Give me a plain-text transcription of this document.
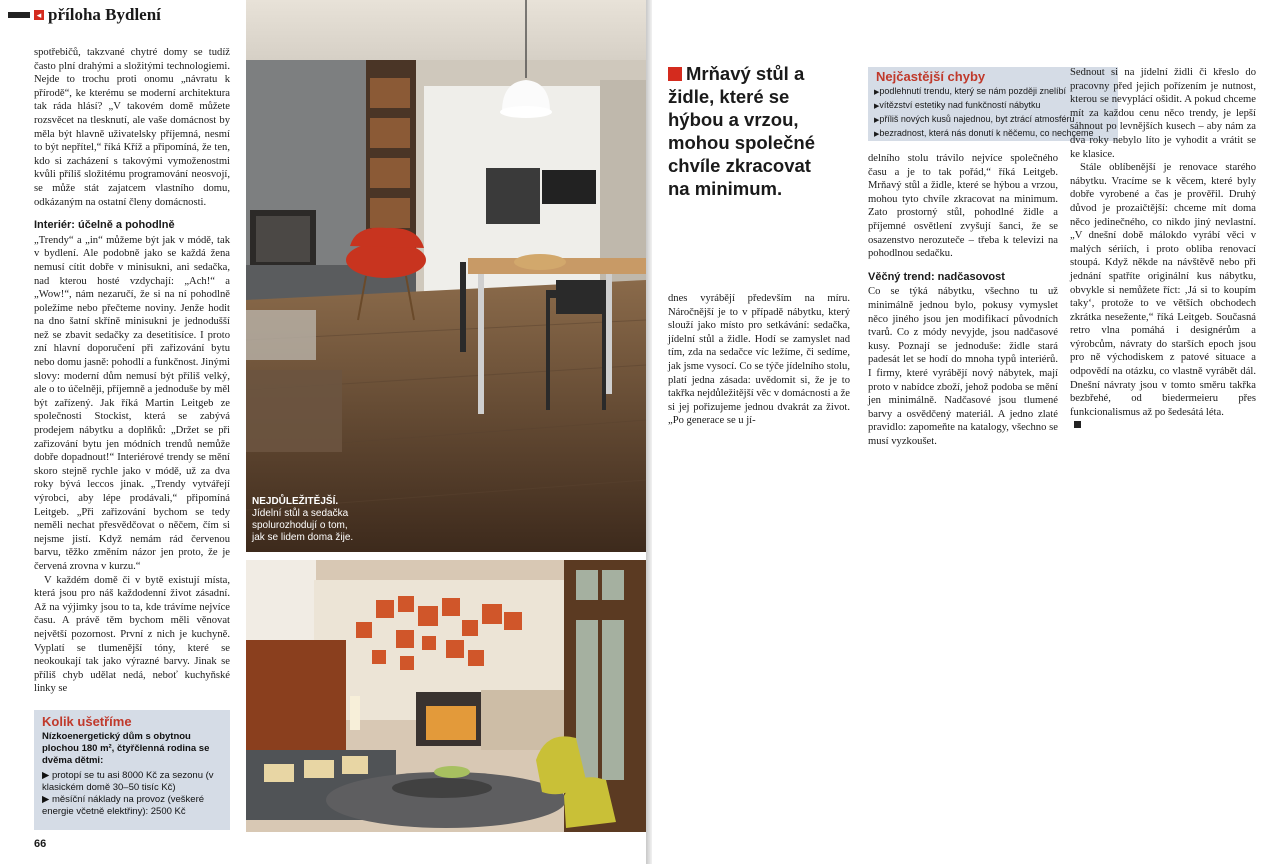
◂ příloha Bydlení

spotřebičů, takzvané chytré domy se tudíž často plní drahými a složitými technologiemi. Nejde to trochu proti onomu „návratu k přírodě“, ke kterému se moderní architektura tak ráda hlásí? „V takovém domě můžete rozsvěcet na tlesknutí, ale vaše domácnost by měla být hlavně uživatelsky příjemná, nesmí to být nepřítel,“ říká Kříž a připomíná, že ten, kdo si zacházení s takovými vymoženostmi kvůli příliš složitému programování neosvojí, se může stát zajatcem vlastního domu, odkázaným na ostatní členy domácnosti.

Interiér: účelně a pohodlně

„Trendy“ a „in“ můžeme být jak v módě, tak v bydlení. Ale podobně jako se každá žena nemusí cítit dobře v minisukni, ani sedačka, nad kterou hosté vzdychají: „Ach!“ a „Wow!“, nám nezaručí, že si na ní pohodlně poležíme nebo přečteme noviny. Jenže hodit na dno šatní skříně minisukni je jednodušší než se zbavit sedačky za desetitisíce. I proto zní hlavní doporučení při zařizování bytu nebo domu jasně: pohodlí a funkčnost. Jinými slovy: moderní dům nemusí být příliš velký, ale o to účelněji, příjemně a jednoduše by měl být zařízený. Jak říká Martin Leitgeb ze společnosti Stockist, která se zabývá prodejem nábytku a doplňků: „Držet se při zařizování bytu jen módních trendů nemůže dobře dopadnout!“ Interiérové trendy se mění skoro stejně rychle jako v módě, už za dva roky bývá leccos jinak. „Trendy vytvářejí výrobci, aby lépe prodávali,“ připomíná Leitgeb. „Při zařizování bychom se tedy neměli nechat přesvědčovat o něčem, čím si nejsme jistí. Když nemám rád červenou barvu, těžko změním názor jen proto, že je červená zrovna v kurzu.“

V každém domě či v bytě existují místa, která jsou pro náš každodenní život zásadní. Až na výjimky jsou to ta, kde trávíme nejvíce času. A právě těm bychom měli věnovat největší pozornost. První z nich je kuchyně. Vyplatí se tlumenější tóny, které se neokoukají tak jako výrazné barvy. Jinak se příliš chyb udělat nedá, neboť kuchyňské linky se

Kolik ušetříme
Nízkoenergetický dům s obytnou plochou 180 m², čtyřčlenná rodina se dvěma dětmi:
▶ protopí se tu asi 8000 Kč za sezonu (v klasickém domě 30–50 tisíc Kč)
▶ měsíční náklady na provoz (veškeré energie včetně elektřiny): 2500 Kč
66
NEJDŮLEŽITĚJŠÍ.
Jídelní stůl a sedačka spolurozhodují o tom, jak se lidem doma žije.
Mrňavý stůl a židle, které se hýbou a vrzou, mohou společné chvíle zkracovat na minimum.
Nejčastější chyby
▶ podlehnutí trendu, který se nám později znelíbí
▶ vítězství estetiky nad funkčností nábytku
▶ příliš nových kusů najednou, byt ztrácí atmosféru
▶ bezradnost, která nás donutí k něčemu, co nechceme

dnes vyrábějí především na míru. Náročnější je to v případě nábytku, který slouží jako místo pro setkávání: sedačka, jídelní stůl a židle. Hodí se zamyslet nad tím, zda na sedačce víc ležíme, či sedíme, jak jsme vysocí. Co se týče jídelního stolu, platí jedna zásada: uvědomit si, že je to takřka nejdůležitější věc v domácnosti a že si jej pořizujeme jednou dvakrát za život. „Po generace se u jí-

delního stolu trávilo nejvíce společného času a je to tak pořád,“ říká Leitgeb. Mrňavý stůl a židle, které se hýbou a vrzou, mohou tyto chvíle zkracovat na minimum. Zato prostorný stůl, pohodlné židle a příjemné osvětlení zvyšují šanci, že se osazenstvo nerozuteče – třeba k televizi na pohodlnou sedačku.

Věčný trend: nadčasovost

Co se týká nábytku, všechno tu už minimálně jednou bylo, pokusy vymyslet něco jiného jsou jen modifikací původních tvarů. Co z módy nevyjde, jsou nadčasové kusy. Poznají se jednoduše: židle stará padesát let se hodí do mnoha typů interiérů. I firmy, které vyrábějí nový nábytek, mají proto v nabídce zboží, jehož podoba se mění jen minimálně. Nadčasové jsou tlumené barvy a osvědčený materiál. A jedno zlaté pravidlo: zapomeňte na katalogy, všechno se musí vyzkoušet.

Sednout si na jídelní židli či křeslo do pracovny před jejich pořízením je nutnost, kterou se nevyplácí ošidit. A pokud chceme mít za každou cenu něco trendy, je lepší sáhnout po levnějších kusech – aby nám za dva roky nebylo líto je vyhodit a vrátit se ke klasice.

Stále oblíbenější je renovace starého nábytku. Vracíme se k věcem, které byly dobře vyrobené a čas je prověřil. Druhý důvod je prozaičtější: chceme mít doma něco jedinečného, co nikdo jiný nevlastní. „V dnešní době málokdo vyrábí věci v malých sériích, i proto obliba renovací stoupá. Když někde na návštěvě nebo při jednání spatříte originální kus nábytku, obvykle si nemůžete říct: ‚Já si to koupím taky‘, protože to ve větších obchodech zkrátka nesežente,“ říká Leitgeb. Současná retro vlna pomáhá i designérům a výrobcům, návraty do starších epoch jsou pro ně východiskem z patové situace a odpovědí na otázku, co vlastně vyrábět dál. Dnešní návraty jsou v tomto směru takřka bezbřehé, od biedermeieru přes funkcionalismus až po šedesátá léta.
